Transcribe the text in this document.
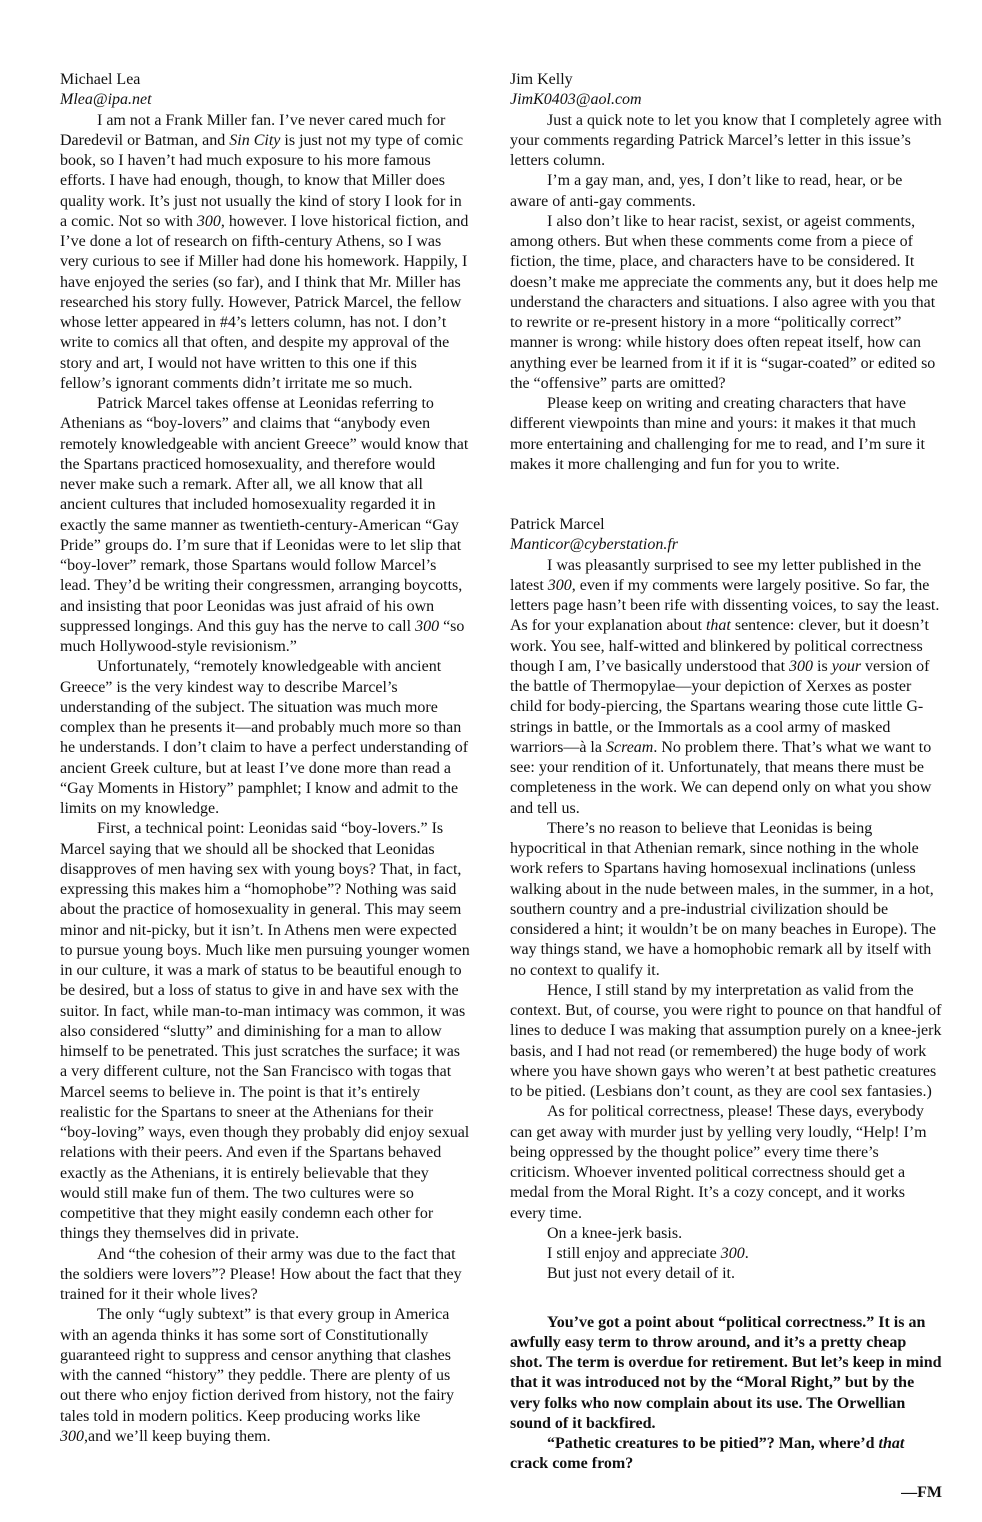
Michael Lea

Mlea@ipa.net

I am not a Frank Miller fan. I’ve never cared much for Daredevil or Batman, and Sin City is just not my type of comic book, so I haven’t had much exposure to his more famous efforts. I have had enough, though, to know that Miller does quality work. It’s just not usually the kind of story I look for in a comic. Not so with 300, however. I love historical fiction, and I’ve done a lot of research on fifth-century Athens, so I was very curious to see if Miller had done his homework. Happily, I have enjoyed the series (so far), and I think that Mr. Miller has researched his story fully. However, Patrick Marcel, the fellow whose letter appeared in #4’s letters column, has not. I don’t write to comics all that often, and despite my approval of the story and art, I would not have written to this one if this fellow’s ignorant comments didn’t irritate me so much.

Patrick Marcel takes offense at Leonidas referring to Athenians as “boy-lovers” and claims that “anybody even remotely knowledgeable with ancient Greece” would know that the Spartans practiced homosexuality, and therefore would never make such a remark. After all, we all know that all ancient cultures that included homosexuality regarded it in exactly the same manner as twentieth-century-American “Gay Pride” groups do. I’m sure that if Leonidas were to let slip that “boy-lover” remark, those Spartans would follow Marcel’s lead. They’d be writing their congressmen, arranging boycotts, and insisting that poor Leonidas was just afraid of his own suppressed longings. And this guy has the nerve to call 300 “so much Hollywood-style revisionism.”

Unfortunately, “remotely knowledgeable with ancient Greece” is the very kindest way to describe Marcel’s understanding of the subject. The situation was much more complex than he presents it—and probably much more so than he understands. I don’t claim to have a perfect understanding of ancient Greek culture, but at least I’ve done more than read a “Gay Moments in History” pamphlet; I know and admit to the limits on my knowledge.

First, a technical point: Leonidas said “boy-lovers.” Is Marcel saying that we should all be shocked that Leonidas disapproves of men having sex with young boys? That, in fact, expressing this makes him a “homophobe”? Nothing was said about the practice of homosexuality in general. This may seem minor and nit-picky, but it isn’t. In Athens men were expected to pursue young boys. Much like men pursuing younger women in our culture, it was a mark of status to be beautiful enough to be desired, but a loss of status to give in and have sex with the suitor. In fact, while man-to-man intimacy was common, it was also considered “slutty” and diminishing for a man to allow himself to be penetrated. This just scratches the surface; it was a very different culture, not the San Francisco with togas that Marcel seems to believe in. The point is that it’s entirely realistic for the Spartans to sneer at the Athenians for their “boy-loving” ways, even though they probably did enjoy sexual relations with their peers. And even if the Spartans behaved exactly as the Athenians, it is entirely believable that they would still make fun of them. The two cultures were so competitive that they might easily condemn each other for things they themselves did in private.

And “the cohesion of their army was due to the fact that the soldiers were lovers”? Please! How about the fact that they trained for it their whole lives?

The only “ugly subtext” is that every group in America with an agenda thinks it has some sort of Constitutionally guaranteed right to suppress and censor anything that clashes with the canned “history” they peddle. There are plenty of us out there who enjoy fiction derived from history, not the fairy tales told in modern politics. Keep producing works like 300,and we’ll keep buying them.

Jim Kelly

JimK0403@aol.com

Just a quick note to let you know that I completely agree with your comments regarding Patrick Marcel’s letter in this issue’s letters column.

I’m a gay man, and, yes, I don’t like to read, hear, or be aware of anti-gay comments.

I also don’t like to hear racist, sexist, or ageist comments, among others. But when these comments come from a piece of fiction, the time, place, and characters have to be considered. It doesn’t make me appreciate the comments any, but it does help me understand the characters and situations. I also agree with you that to rewrite or re-present history in a more “politically correct” manner is wrong: while history does often repeat itself, how can anything ever be learned from it if it is “sugar-coated” or edited so the “offensive” parts are omitted?

Please keep on writing and creating characters that have different viewpoints than mine and yours: it makes it that much more entertaining and challenging for me to read, and I’m sure it makes it more challenging and fun for you to write.

Patrick Marcel

Manticor@cyberstation.fr

I was pleasantly surprised to see my letter published in the latest 300, even if my comments were largely positive. So far, the letters page hasn’t been rife with dissenting voices, to say the least. As for your explanation about that sentence: clever, but it doesn’t work. You see, half-witted and blinkered by political correctness though I am, I’ve basically understood that 300 is your version of the battle of Thermopylae—your depiction of Xerxes as poster child for body-piercing, the Spartans wearing those cute little G-strings in battle, or the Immortals as a cool army of masked warriors—à la Scream. No problem there. That’s what we want to see: your rendition of it. Unfortunately, that means there must be completeness in the work. We can depend only on what you show and tell us.

There’s no reason to believe that Leonidas is being hypocritical in that Athenian remark, since nothing in the whole work refers to Spartans having homosexual inclinations (unless walking about in the nude between males, in the summer, in a hot, southern country and a pre-industrial civilization should be considered a hint; it wouldn’t be on many beaches in Europe). The way things stand, we have a homophobic remark all by itself with no context to qualify it.

Hence, I still stand by my interpretation as valid from the context. But, of course, you were right to pounce on that handful of lines to deduce I was making that assumption purely on a knee-jerk basis, and I had not read (or remembered) the huge body of work where you have shown gays who weren’t at best pathetic creatures to be pitied. (Lesbians don’t count, as they are cool sex fantasies.)

As for political correctness, please! These days, everybody can get away with murder just by yelling very loudly, “Help! I’m being oppressed by the thought police” every time there’s criticism. Whoever invented political correctness should get a medal from the Moral Right. It’s a cozy concept, and it works every time.

On a knee-jerk basis.

I still enjoy and appreciate 300.

But just not every detail of it.

You’ve got a point about “political correctness.” It is an awfully easy term to throw around, and it’s a pretty cheap shot. The term is overdue for retirement. But let’s keep in mind that it was introduced not by the “Moral Right,” but by the very folks who now complain about its use. The Orwellian sound of it backfired.

“Pathetic creatures to be pitied”? Man, where’d that crack come from?

—FM
